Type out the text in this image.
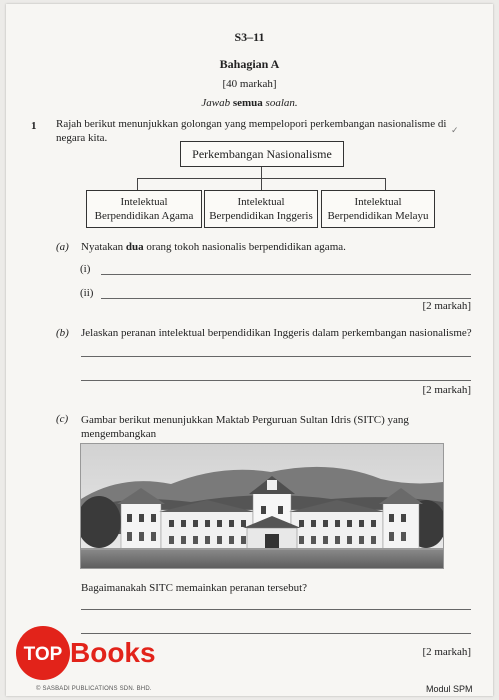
S3–11
Bahagian A
[40 markah]
Jawab semua soalan.
1 Rajah berikut menunjukkan golongan yang mempelopori perkembangan nasionalisme di negara kita.
✓
Perkembangan Nasionalisme
Intelektual
Berpendidikan Agama
Intelektual
Berpendidikan Inggeris
Intelektual
Berpendidikan Melayu
(a) Nyatakan dua orang tokoh nasionalis berpendidikan agama.
(i)
(ii)
[2 markah]
(b) Jelaskan peranan intelektual berpendidikan Inggeris dalam perkembangan nasionalisme?
[2 markah]
(c) Gambar berikut menunjukkan Maktab Perguruan Sultan Idris (SITC) yang mengembangkan

Bagaimanakah SITC memainkan peranan tersebut?
[2 markah]
TOP Books
© SASBADI PUBLICATIONS SDN. BHD.	Modul SPM
